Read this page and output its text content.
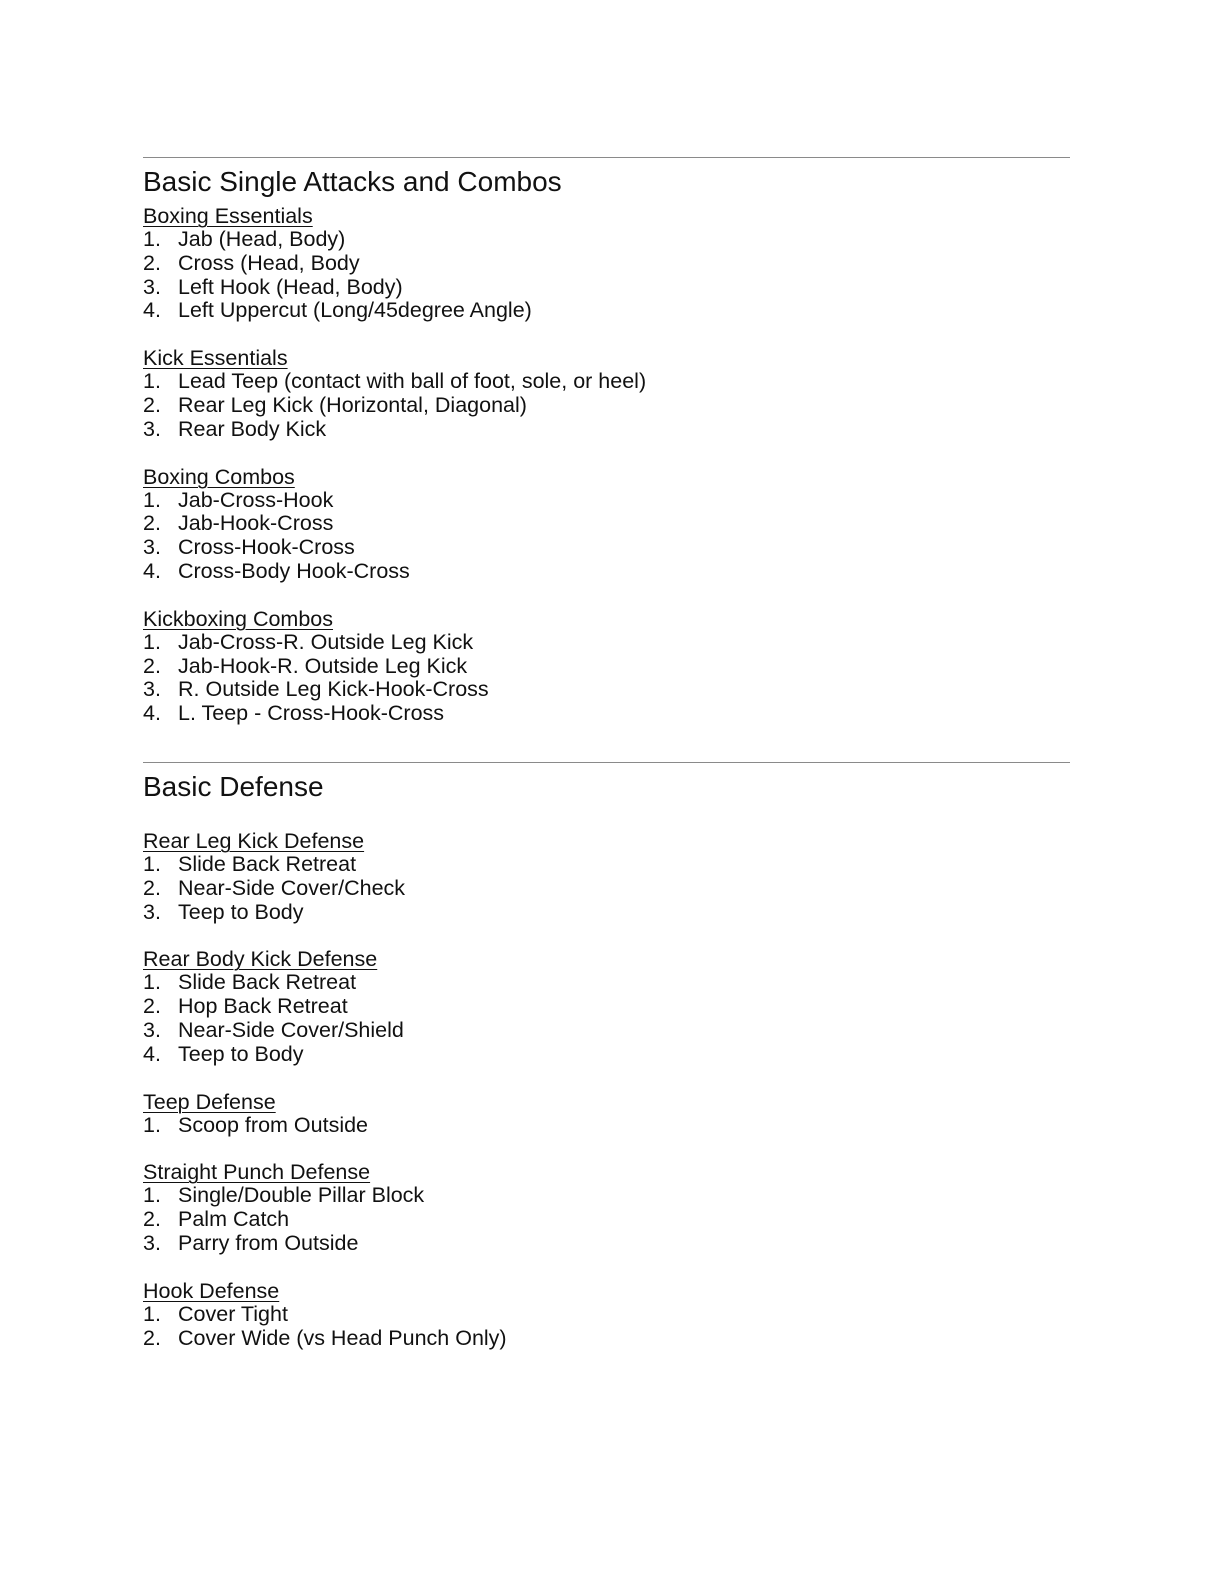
Basic Single Attacks and Combos
Boxing Essentials
1. Jab (Head, Body)
2. Cross (Head, Body
3. Left Hook (Head, Body)
4. Left Uppercut (Long/45degree Angle)
Kick Essentials
1. Lead Teep (contact with ball of foot, sole, or heel)
2. Rear Leg Kick (Horizontal, Diagonal)
3. Rear Body Kick
Boxing Combos
1. Jab-Cross-Hook
2. Jab-Hook-Cross
3. Cross-Hook-Cross
4. Cross-Body Hook-Cross
Kickboxing Combos
1. Jab-Cross-R. Outside Leg Kick
2. Jab-Hook-R. Outside Leg Kick
3. R. Outside Leg Kick-Hook-Cross
4. L. Teep - Cross-Hook-Cross
Basic Defense
Rear Leg Kick Defense
1. Slide Back Retreat
2. Near-Side Cover/Check
3. Teep to Body
Rear Body Kick Defense
1. Slide Back Retreat
2. Hop Back Retreat
3. Near-Side Cover/Shield
4. Teep to Body
Teep Defense
1. Scoop from Outside
Straight Punch Defense
1. Single/Double Pillar Block
2. Palm Catch
3. Parry from Outside
Hook Defense
1. Cover Tight
2. Cover Wide (vs Head Punch Only)
